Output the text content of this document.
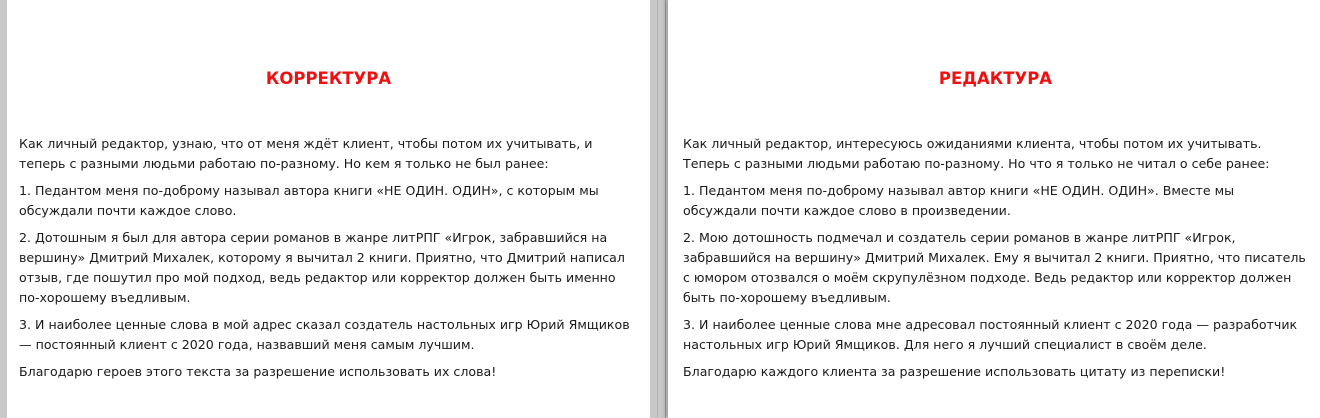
КОРРЕКТУРА

Как личный редактор, узнаю, что от меня ждёт клиент, чтобы потом их учитывать, и теперь с разными людьми работаю по-разному. Но кем я только не был ранее:

1. Педантом меня по-доброму называл автора книги «НЕ ОДИН. ОДИН», с которым мы обсуждали почти каждое слово.

2. Дотошным я был для автора серии романов в жанре литРПГ «Игрок, забравшийся на вершину» Дмитрий Михалек, которому я вычитал 2 книги. Приятно, что Дмитрий написал отзыв, где пошутил про мой подход, ведь редактор или корректор должен быть именно по-хорошему въедливым.

3. И наиболее ценные слова в мой адрес сказал создатель настольных игр Юрий Ямщиков — постоянный клиент с 2020 года, назвавший меня самым лучшим.

Благодарю героев этого текста за разрешение использовать их слова!

РЕДАКТУРА

Как личный редактор, интересуюсь ожиданиями клиента, чтобы потом их учитывать. Теперь с разными людьми работаю по-разному. Но что я только не читал о себе ранее:

1. Педантом меня по-доброму называл автор книги «НЕ ОДИН. ОДИН». Вместе мы обсуждали почти каждое слово в произведении.

2. Мою дотошность подмечал и создатель серии романов в жанре литРПГ «Игрок, забравшийся на вершину» Дмитрий Михалек. Ему я вычитал 2 книги. Приятно, что писатель с юмором отозвался о моём скрупулёзном подходе. Ведь редактор или корректор должен быть по-хорошему въедливым.

3. И наиболее ценные слова мне адресовал постоянный клиент с 2020 года — разработчик настольных игр Юрий Ямщиков. Для него я лучший специалист в своём деле.

Благодарю каждого клиента за разрешение использовать цитату из переписки!
